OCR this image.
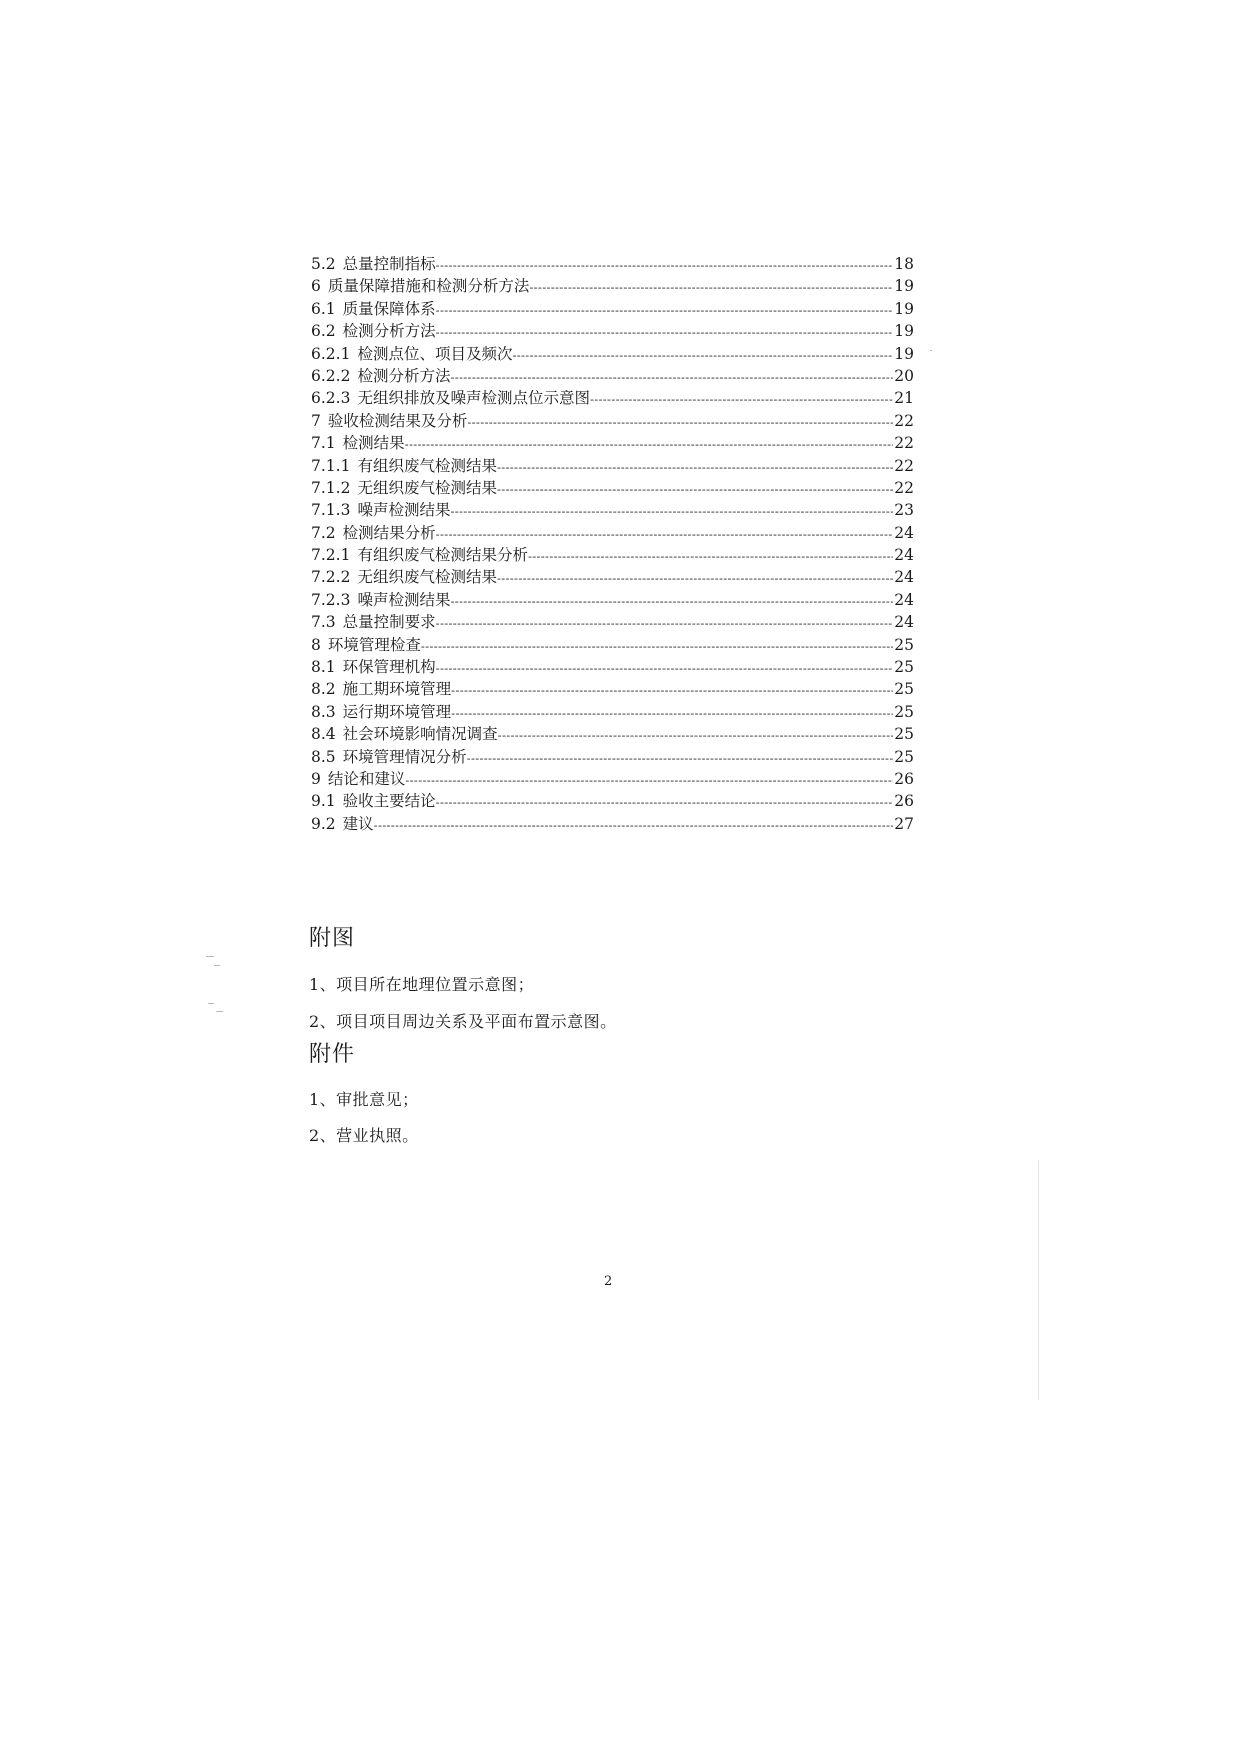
5.2 总量控制指标 -----	18
6 质量保障措施和检测分析方法 -----	19
6.1 质量保障体系 -----	19
6.2 检测分析方法 -----	19
6.2.1 检测点位、项目及频次 -----	19
6.2.2 检测分析方法 -----	20
6.2.3 无组织排放及噪声检测点位示意图 -----	21
7 验收检测结果及分析 -----	22
7.1 检测结果 -----	22
7.1.1 有组织废气检测结果 -----	22
7.1.2 无组织废气检测结果 -----	22
7.1.3 噪声检测结果 -----	23
7.2 检测结果分析 -----	24
7.2.1 有组织废气检测结果分析 -----	24
7.2.2 无组织废气检测结果 -----	24
7.2.3 噪声检测结果 -----	24
7.3 总量控制要求 -----	24
8 环境管理检查 -----	25
8.1 环保管理机构 -----	25
8.2 施工期环境管理 -----	25
8.3 运行期环境管理 -----	25
8.4 社会环境影响情况调查 -----	25
8.5 环境管理情况分析 -----	25
9 结论和建议 -----	26
9.1 验收主要结论 -----	26
9.2 建议 -----	27
附图
1、项目所在地理位置示意图；
2、项目项目周边关系及平面布置示意图。
附件
1、审批意见；
2、营业执照。
2
